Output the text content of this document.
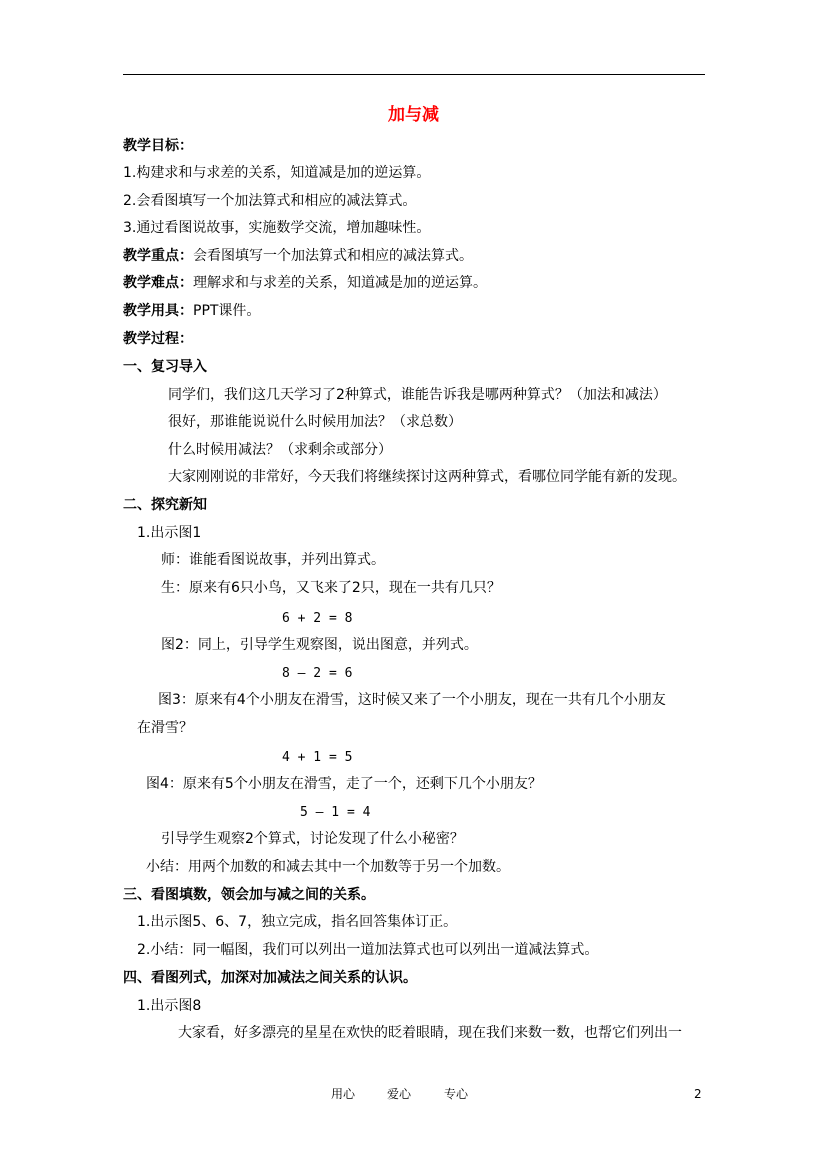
加与减
教学目标：
1.构建求和与求差的关系，知道减是加的逆运算。
2.会看图填写一个加法算式和相应的减法算式。
3.通过看图说故事，实施数学交流，增加趣味性。
教学重点：会看图填写一个加法算式和相应的减法算式。
教学难点：理解求和与求差的关系，知道减是加的逆运算。
教学用具：PPT课件。
教学过程：
一、复习导入
同学们，我们这几天学习了2种算式，谁能告诉我是哪两种算式？（加法和减法）
很好，那谁能说说什么时候用加法？（求总数）
什么时候用减法？（求剩余或部分）
大家刚刚说的非常好，今天我们将继续探讨这两种算式，看哪位同学能有新的发现。
二、探究新知
1.出示图1
师：谁能看图说故事，并列出算式。
生：原来有6只小鸟，又飞来了2只，现在一共有几只？
6 + 2 = 8
图2：同上，引导学生观察图，说出图意，并列式。
8 – 2 = 6
图3：原来有4个小朋友在滑雪，这时候又来了一个小朋友，现在一共有几个小朋友
在滑雪？
4 + 1 = 5
图4：原来有5个小朋友在滑雪，走了一个，还剩下几个小朋友？
5 – 1 = 4
引导学生观察2个算式，讨论发现了什么小秘密？
小结：用两个加数的和减去其中一个加数等于另一个加数。
三、看图填数，领会加与减之间的关系。
1.出示图5、6、7，独立完成，指名回答集体订正。
2.小结：同一幅图，我们可以列出一道加法算式也可以列出一道减法算式。
四、看图列式，加深对加减法之间关系的认识。
1.出示图8
大家看，好多漂亮的星星在欢快的眨着眼睛，现在我们来数一数，也帮它们列出一
用心	爱心	专心	2
